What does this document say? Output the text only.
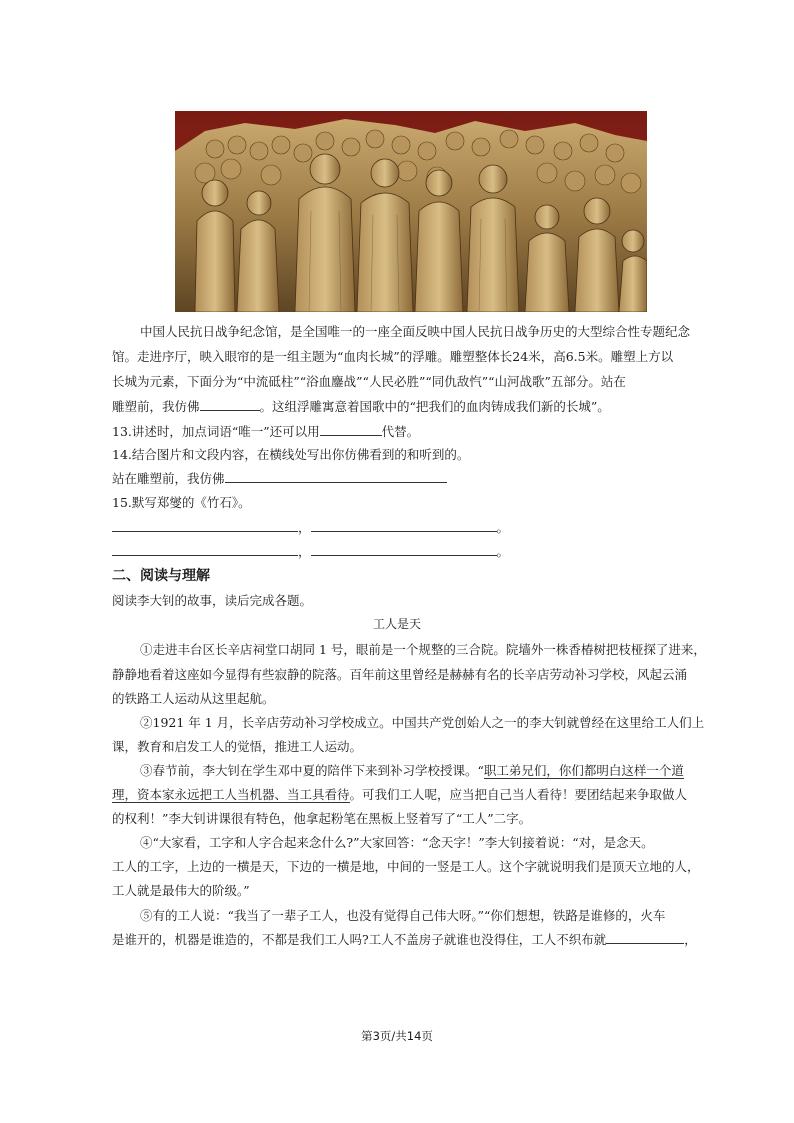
中国人民抗日战争纪念馆，是全国唯一的一座全面反映中国人民抗日战争历史的大型综合性专题纪念
馆。走进序厅，映入眼帘的是一组主题为“血肉长城”的浮雕。雕塑整体长24米，高6.5米。雕塑上方以
长城为元素，下面分为“中流砥柱”“浴血鏖战”“人民必胜”“同仇敌忾”“山河战歌”五部分。站在
雕塑前，我仿佛	。这组浮雕寓意着国歌中的“把我们的血肉铸成我们新的长城”。
13.讲述时，加点词语“唯一”还可以用	代替。
14.结合图片和文段内容，在横线处写出你仿佛看到的和听到的。
站在雕塑前，我仿佛
15.默写郑燮的《竹石》。
，	。
，	。
二、阅读与理解
阅读李大钊的故事，读后完成各题。
工人是天
①走进丰台区长辛店祠堂口胡同 1 号，眼前是一个规整的三合院。院墙外一株香椿树把枝桠探了进来，
静静地看着这座如今显得有些寂静的院落。百年前这里曾经是赫赫有名的长辛店劳动补习学校，风起云涌
的铁路工人运动从这里起航。
②1921 年 1 月，长辛店劳动补习学校成立。中国共产党创始人之一的李大钊就曾经在这里给工人们上
课，教育和启发工人的觉悟，推进工人运动。
③春节前，李大钊在学生邓中夏的陪伴下来到补习学校授课。“职工弟兄们，你们都明白这样一个道
理，资本家永远把工人当机器、当工具看待。可我们工人呢，应当把自己当人看待！要团结起来争取做人
的权利！”李大钊讲课很有特色，他拿起粉笔在黑板上竖着写了“工人”二字。
④“大家看，工字和人字合起来念什么?”大家回答：“念天字！”李大钊接着说：“对，是念天。
工人的工字，上边的一横是天，下边的一横是地，中间的一竖是工人。这个字就说明我们是顶天立地的人，
工人就是最伟大的阶级。”
⑤有的工人说：“我当了一辈子工人，也没有觉得自己伟大呀。”“你们想想，铁路是谁修的，火车
是谁开的，机器是谁造的，不都是我们工人吗?工人不盖房子就谁也没得住，工人不织布就	，
第3页/共14页
